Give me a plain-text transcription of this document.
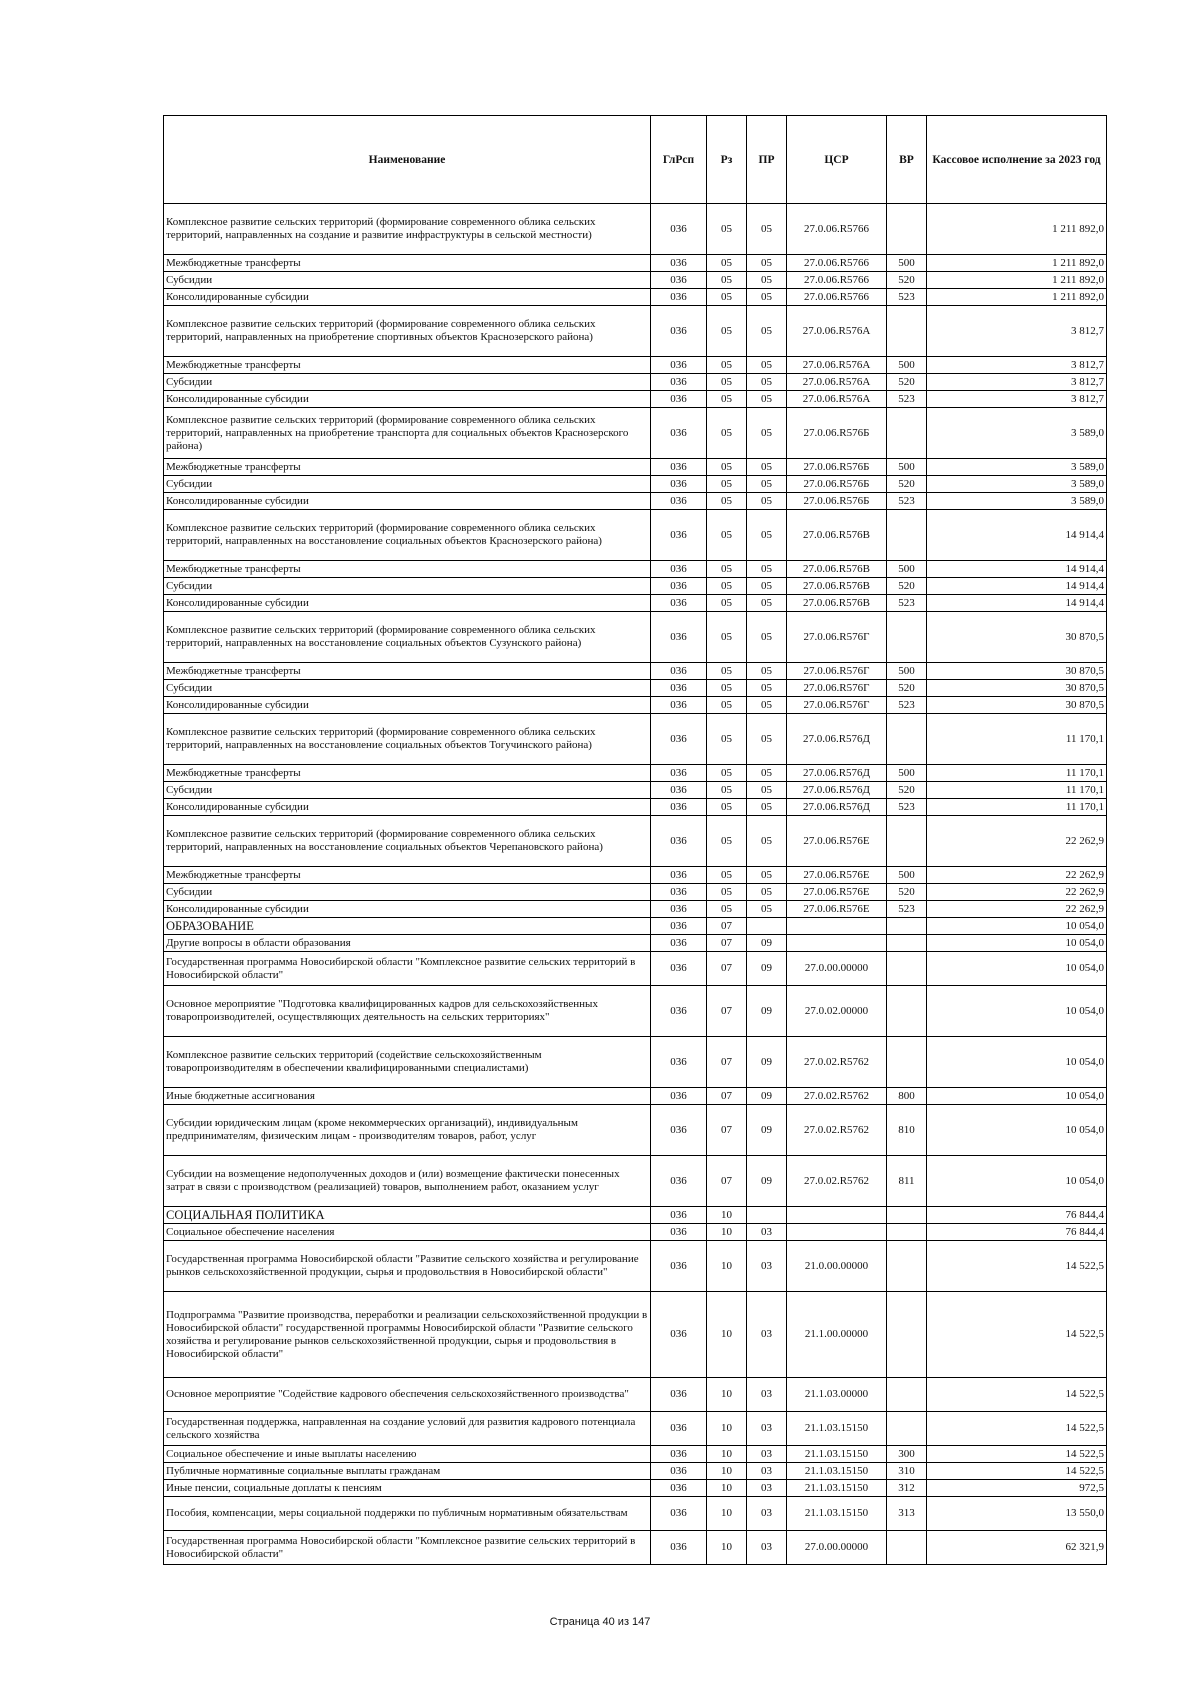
Наименование	ГлРсп	Рз	ПР	ЦСР	ВР	Кассовое исполнение за 2023 год
Комплексное развитие сельских территорий (формирование современного облика сельских территорий, направленных на создание и развитие инфраструктуры в сельской местности)	036	05	05	27.0.06.R5766		1 211 892,0
Межбюджетные трансферты	036	05	05	27.0.06.R5766	500	1 211 892,0
Субсидии	036	05	05	27.0.06.R5766	520	1 211 892,0
Консолидированные субсидии	036	05	05	27.0.06.R5766	523	1 211 892,0
Комплексное развитие сельских территорий (формирование современного облика сельских территорий, направленных на приобретение спортивных объектов Краснозерского района)	036	05	05	27.0.06.R576А		3 812,7
Межбюджетные трансферты	036	05	05	27.0.06.R576А	500	3 812,7
Субсидии	036	05	05	27.0.06.R576А	520	3 812,7
Консолидированные субсидии	036	05	05	27.0.06.R576А	523	3 812,7
Комплексное развитие сельских территорий (формирование современного облика сельских территорий, направленных на приобретение транспорта для социальных объектов Краснозерского района)	036	05	05	27.0.06.R576Б		3 589,0
Межбюджетные трансферты	036	05	05	27.0.06.R576Б	500	3 589,0
Субсидии	036	05	05	27.0.06.R576Б	520	3 589,0
Консолидированные субсидии	036	05	05	27.0.06.R576Б	523	3 589,0
Комплексное развитие сельских территорий (формирование современного облика сельских территорий, направленных на восстановление социальных объектов Краснозерского района)	036	05	05	27.0.06.R576В		14 914,4
Межбюджетные трансферты	036	05	05	27.0.06.R576В	500	14 914,4
Субсидии	036	05	05	27.0.06.R576В	520	14 914,4
Консолидированные субсидии	036	05	05	27.0.06.R576В	523	14 914,4
Комплексное развитие сельских территорий (формирование современного облика сельских территорий, направленных на восстановление социальных объектов Сузунского района)	036	05	05	27.0.06.R576Г		30 870,5
Межбюджетные трансферты	036	05	05	27.0.06.R576Г	500	30 870,5
Субсидии	036	05	05	27.0.06.R576Г	520	30 870,5
Консолидированные субсидии	036	05	05	27.0.06.R576Г	523	30 870,5
Комплексное развитие сельских территорий (формирование современного облика сельских территорий, направленных на восстановление социальных объектов Тогучинского района)	036	05	05	27.0.06.R576Д		11 170,1
Межбюджетные трансферты	036	05	05	27.0.06.R576Д	500	11 170,1
Субсидии	036	05	05	27.0.06.R576Д	520	11 170,1
Консолидированные субсидии	036	05	05	27.0.06.R576Д	523	11 170,1
Комплексное развитие сельских территорий (формирование современного облика сельских территорий, направленных на восстановление социальных объектов Черепановского района)	036	05	05	27.0.06.R576Е		22 262,9
Межбюджетные трансферты	036	05	05	27.0.06.R576Е	500	22 262,9
Субсидии	036	05	05	27.0.06.R576Е	520	22 262,9
Консолидированные субсидии	036	05	05	27.0.06.R576Е	523	22 262,9
ОБРАЗОВАНИЕ	036	07				10 054,0
Другие вопросы в области образования	036	07	09			10 054,0
Государственная программа Новосибирской области "Комплексное развитие сельских территорий в Новосибирской области"	036	07	09	27.0.00.00000		10 054,0
Основное мероприятие "Подготовка квалифицированных кадров для сельскохозяйственных товаропроизводителей, осуществляющих деятельность на сельских территориях"	036	07	09	27.0.02.00000		10 054,0
Комплексное развитие сельских территорий (содействие сельскохозяйственным товаропроизводителям в обеспечении квалифицированными специалистами)	036	07	09	27.0.02.R5762		10 054,0
Иные бюджетные ассигнования	036	07	09	27.0.02.R5762	800	10 054,0
Субсидии юридическим лицам (кроме некоммерческих организаций), индивидуальным предпринимателям, физическим лицам - производителям товаров, работ, услуг	036	07	09	27.0.02.R5762	810	10 054,0
Субсидии на возмещение недополученных доходов и (или) возмещение фактически понесенных затрат в связи с производством (реализацией) товаров, выполнением работ, оказанием услуг	036	07	09	27.0.02.R5762	811	10 054,0
СОЦИАЛЬНАЯ ПОЛИТИКА	036	10				76 844,4
Социальное обеспечение населения	036	10	03			76 844,4
Государственная программа Новосибирской области "Развитие сельского хозяйства и регулирование рынков сельскохозяйственной продукции, сырья и продовольствия в Новосибирской области"	036	10	03	21.0.00.00000		14 522,5
Подпрограмма "Развитие производства, переработки и реализации сельскохозяйственной продукции в Новосибирской области" государственной программы Новосибирской области "Развитие сельского хозяйства и регулирование рынков сельскохозяйственной продукции, сырья и продовольствия в Новосибирской области"	036	10	03	21.1.00.00000		14 522,5
Основное мероприятие "Содействие кадрового обеспечения сельскохозяйственного производства"	036	10	03	21.1.03.00000		14 522,5
Государственная поддержка, направленная на создание условий для развития кадрового потенциала сельского хозяйства	036	10	03	21.1.03.15150		14 522,5
Социальное обеспечение и иные выплаты населению	036	10	03	21.1.03.15150	300	14 522,5
Публичные нормативные социальные выплаты гражданам	036	10	03	21.1.03.15150	310	14 522,5
Иные пенсии, социальные доплаты к пенсиям	036	10	03	21.1.03.15150	312	972,5
Пособия, компенсации, меры социальной поддержки по публичным нормативным обязательствам	036	10	03	21.1.03.15150	313	13 550,0
Государственная программа Новосибирской области "Комплексное развитие сельских территорий в Новосибирской области"	036	10	03	27.0.00.00000		62 321,9
Страница 40 из 147
